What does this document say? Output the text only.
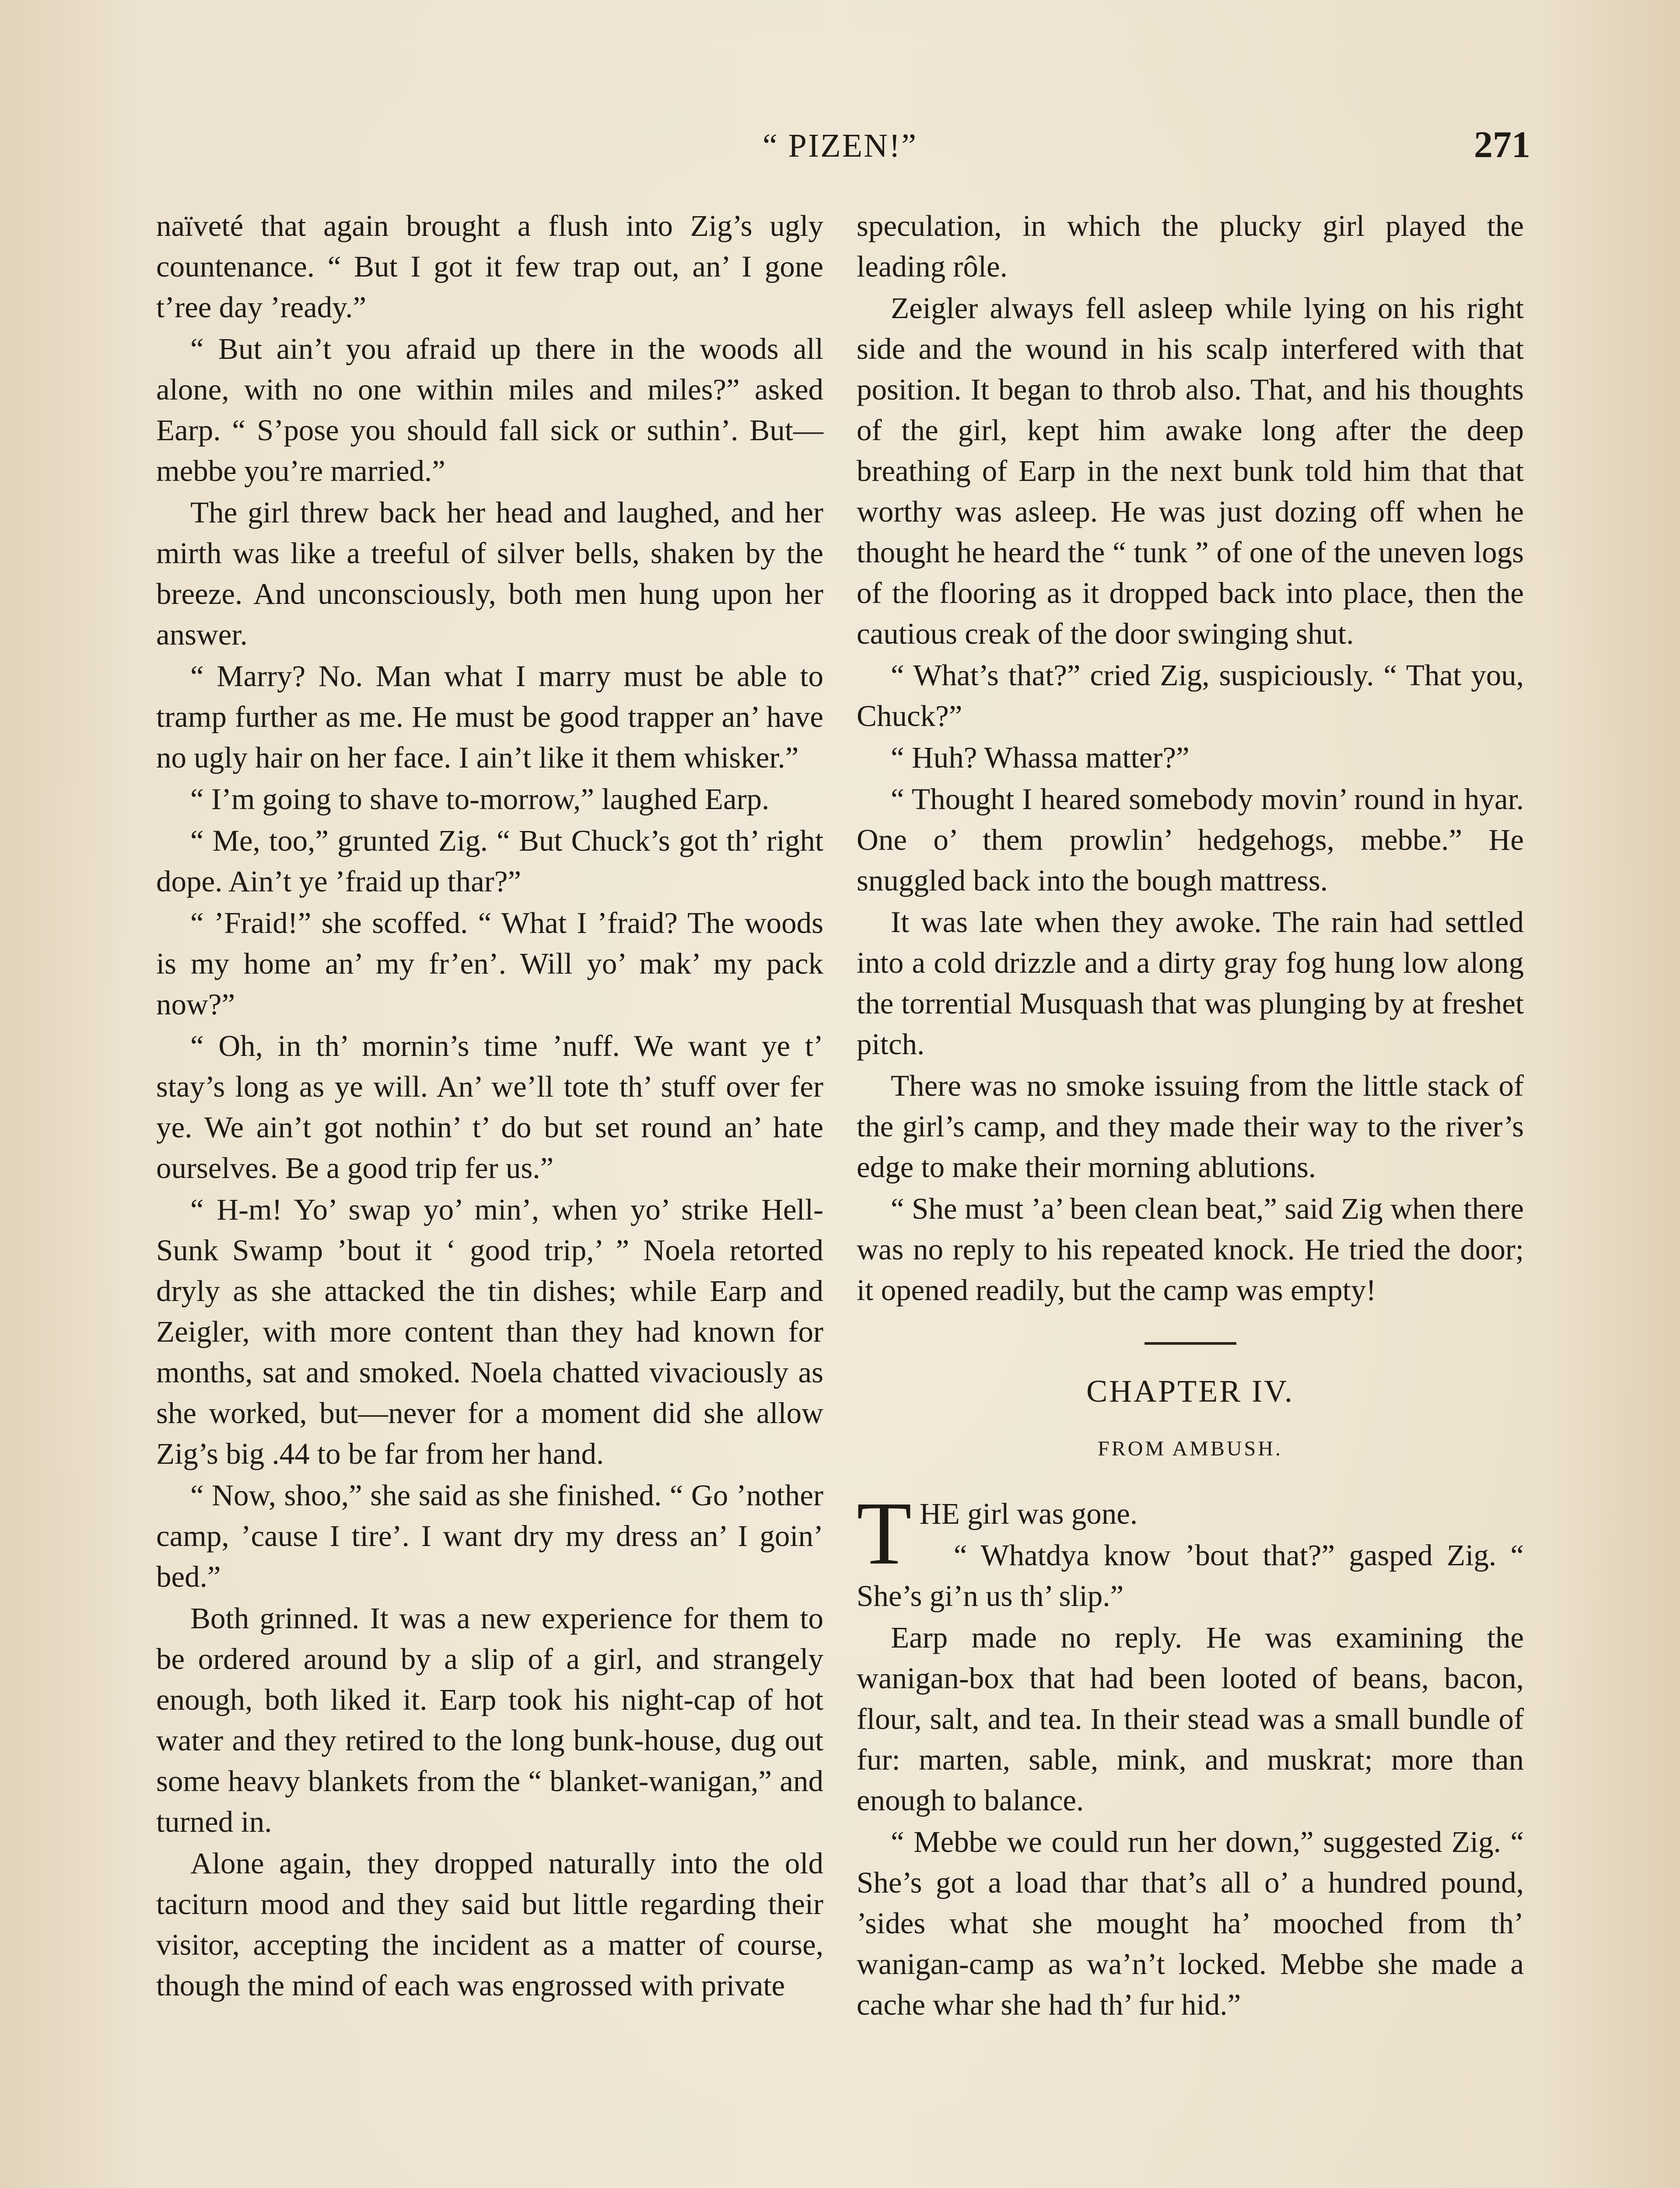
“ PIZEN!”	271

naïveté that again brought a flush into Zig’s ugly countenance. “ But I got it few trap out, an’ I gone t’ree day ’ready.”

“ But ain’t you afraid up there in the woods all alone, with no one within miles and miles?” asked Earp. “ S’pose you should fall sick or suthin’. But—mebbe you’re married.”

The girl threw back her head and laughed, and her mirth was like a treeful of silver bells, shaken by the breeze. And unconsciously, both men hung upon her answer.

“ Marry? No. Man what I marry must be able to tramp further as me. He must be good trapper an’ have no ugly hair on her face. I ain’t like it them whisker.”

“ I’m going to shave to-morrow,” laughed Earp.

“ Me, too,” grunted Zig. “ But Chuck’s got th’ right dope. Ain’t ye ’fraid up thar?”

“ ’Fraid!” she scoffed. “ What I ’fraid? The woods is my home an’ my fr’en’. Will yo’ mak’ my pack now?”

“ Oh, in th’ mornin’s time ’nuff. We want ye t’ stay’s long as ye will. An’ we’ll tote th’ stuff over fer ye. We ain’t got nothin’ t’ do but set round an’ hate ourselves. Be a good trip fer us.”

“ H-m! Yo’ swap yo’ min’, when yo’ strike Hell-Sunk Swamp ’bout it ‘ good trip,’ ” Noela retorted dryly as she attacked the tin dishes; while Earp and Zeigler, with more content than they had known for months, sat and smoked. Noela chatted vivaciously as she worked, but—never for a moment did she allow Zig’s big .44 to be far from her hand.

“ Now, shoo,” she said as she finished. “ Go ’nother camp, ’cause I tire’. I want dry my dress an’ I goin’ bed.”

Both grinned. It was a new experience for them to be ordered around by a slip of a girl, and strangely enough, both liked it. Earp took his night-cap of hot water and they retired to the long bunk-house, dug out some heavy blankets from the “ blanket-wanigan,” and turned in.

Alone again, they dropped naturally into the old taciturn mood and they said but little regarding their visitor, accepting the incident as a matter of course, though the mind of each was engrossed with private

speculation, in which the plucky girl played the leading rôle.

Zeigler always fell asleep while lying on his right side and the wound in his scalp interfered with that position. It began to throb also. That, and his thoughts of the girl, kept him awake long after the deep breathing of Earp in the next bunk told him that that worthy was asleep. He was just dozing off when he thought he heard the “ tunk ” of one of the uneven logs of the flooring as it dropped back into place, then the cautious creak of the door swinging shut.

“ What’s that?” cried Zig, suspiciously. “ That you, Chuck?”

“ Huh? Whassa matter?”

“ Thought I heared somebody movin’ round in hyar. One o’ them prowlin’ hedgehogs, mebbe.” He snuggled back into the bough mattress.

It was late when they awoke. The rain had settled into a cold drizzle and a dirty gray fog hung low along the torrential Musquash that was plunging by at freshet pitch.

There was no smoke issuing from the little stack of the girl’s camp, and they made their way to the river’s edge to make their morning ablutions.

“ She must ’a’ been clean beat,” said Zig when there was no reply to his repeated knock. He tried the door; it opened readily, but the camp was empty!

CHAPTER IV.
FROM AMBUSH.

THE girl was gone.

“ Whatdya know ’bout that?” gasped Zig. “ She’s gi’n us th’ slip.”

Earp made no reply. He was examining the wanigan-box that had been looted of beans, bacon, flour, salt, and tea. In their stead was a small bundle of fur: marten, sable, mink, and muskrat; more than enough to balance.

“ Mebbe we could run her down,” suggested Zig. “ She’s got a load thar that’s all o’ a hundred pound, ’sides what she mought ha’ mooched from th’ wanigan-camp as wa’n’t locked. Mebbe she made a cache whar she had th’ fur hid.”
